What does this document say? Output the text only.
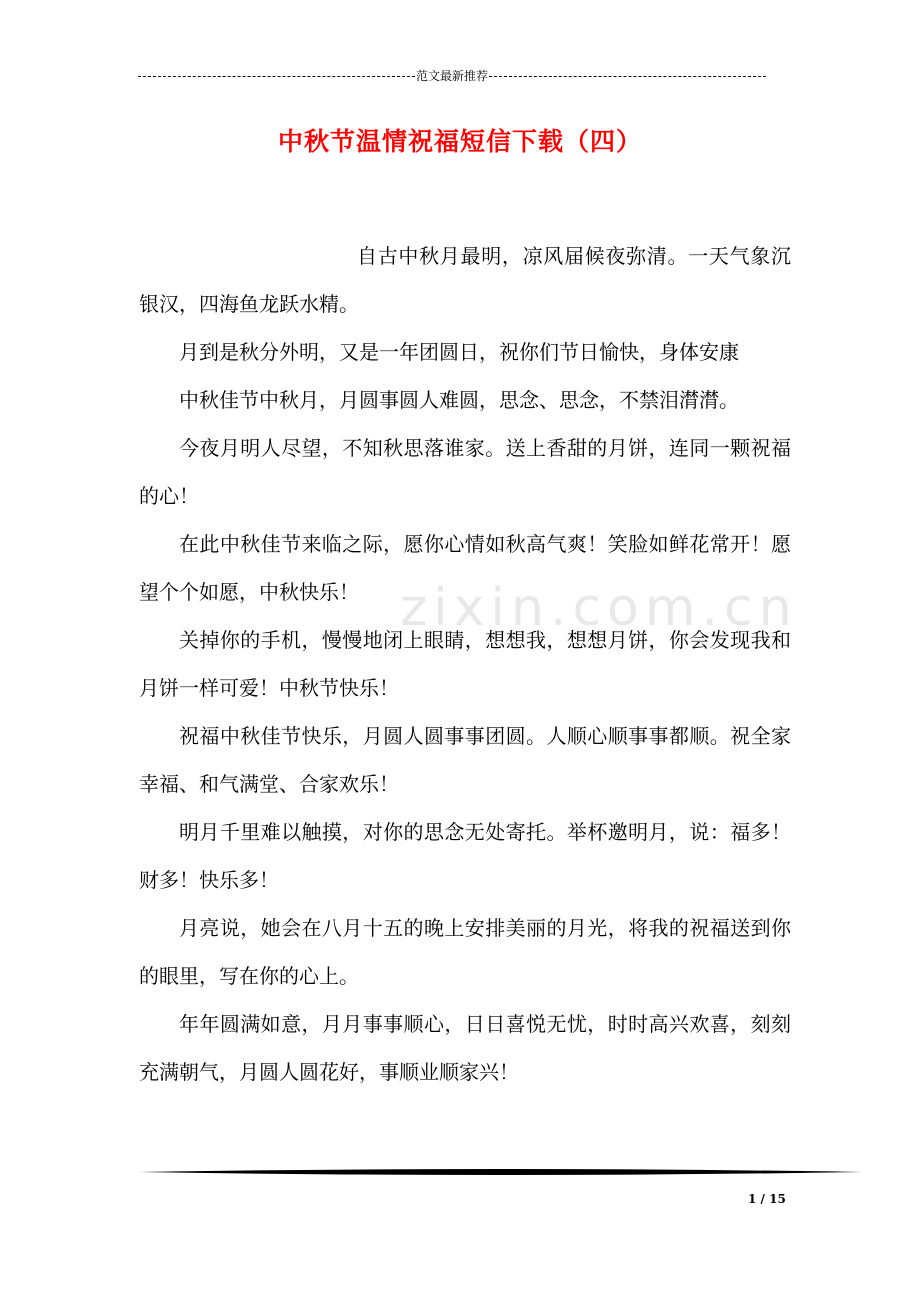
范文最新推荐
中秋节温情祝福短信下载（四）
zixin.com.cn

自古中秋月最明，凉风届候夜弥清。一天气象沉银汉，四海鱼龙跃水精。

月到是秋分外明，又是一年团圆日，祝你们节日愉快，身体安康

中秋佳节中秋月，月圆事圆人难圆，思念、思念，不禁泪潸潸。

今夜月明人尽望，不知秋思落谁家。送上香甜的月饼，连同一颗祝福的心！

在此中秋佳节来临之际，愿你心情如秋高气爽！笑脸如鲜花常开！愿望个个如愿，中秋快乐！

关掉你的手机，慢慢地闭上眼睛，想想我，想想月饼，你会发现我和月饼一样可爱！中秋节快乐！

祝福中秋佳节快乐，月圆人圆事事团圆。人顺心顺事事都顺。祝全家幸福、和气满堂、合家欢乐！

明月千里难以触摸，对你的思念无处寄托。举杯邀明月，说：福多！财多！快乐多！

月亮说，她会在八月十五的晚上安排美丽的月光，将我的祝福送到你的眼里，写在你的心上。

年年圆满如意，月月事事顺心，日日喜悦无忧，时时高兴欢喜，刻刻充满朝气，月圆人圆花好，事顺业顺家兴！

1 / 15
